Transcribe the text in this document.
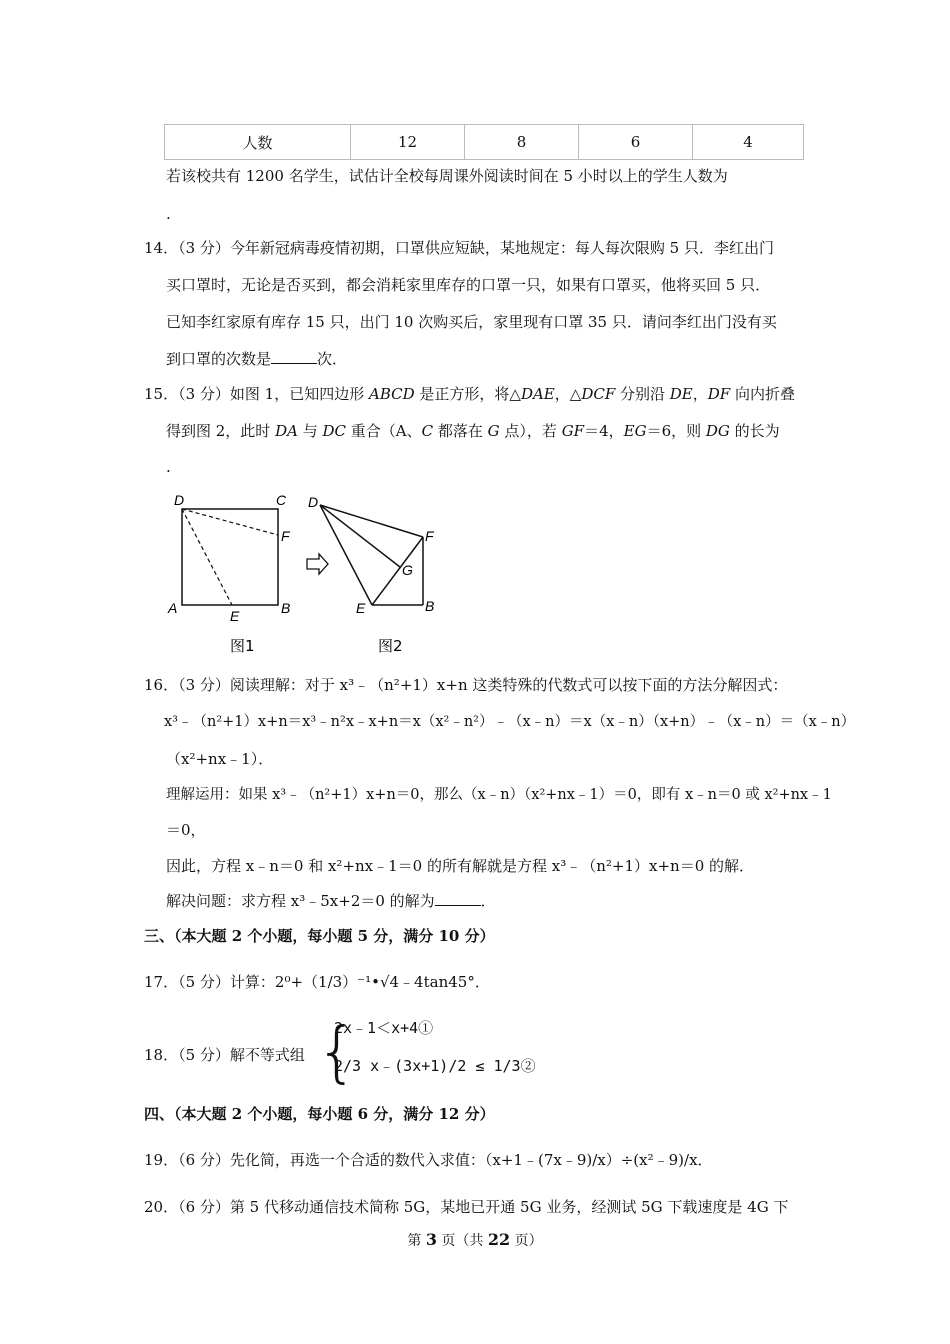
人数	12	8	6	4
若该校共有 1200 名学生，试估计全校每周课外阅读时间在 5 小时以上的学生人数为
.
14．（3 分）今年新冠病毒疫情初期，口罩供应短缺，某地规定：每人每次限购 5 只．李红出门
买口罩时，无论是否买到，都会消耗家里库存的口罩一只，如果有口罩买，他将买回 5 只．
已知李红家原有库存 15 只，出门 10 次购买后，家里现有口罩 35 只．请问李红出门没有买
到口罩的次数是	次．
15．（3 分）如图 1，已知四边形 ABCD 是正方形，将△DAE，△DCF 分别沿 DE，DF 向内折叠
得到图 2，此时 DA 与 DC 重合（A、C 都落在 G 点），若 GF＝4，EG＝6，则 DG 的长为
.
D	C
F
A	E	B
图1
D
F
G
E	B
图2
16．（3 分）阅读理解：对于 x³﹣（n²+1）x+n 这类特殊的代数式可以按下面的方法分解因式：
x³﹣（n²+1）x+n＝x³﹣n²x﹣x+n＝x（x²﹣n²）﹣（x﹣n）＝x（x﹣n）（x+n）﹣（x﹣n）＝（x﹣n）
（x²+nx﹣1）．
理解运用：如果 x³﹣（n²+1）x+n＝0，那么（x﹣n）（x²+nx﹣1）＝0，即有 x﹣n＝0 或 x²+nx﹣1
＝0，
因此，方程 x﹣n＝0 和 x²+nx﹣1＝0 的所有解就是方程 x³﹣（n²+1）x+n＝0 的解．
解决问题：求方程 x³﹣5x+2＝0 的解为	．
三、（本大题 2 个小题，每小题 5 分，满分 10 分）
17．（5 分）计算：2⁰+（1/3）⁻¹•√4﹣4tan45°．
18．（5 分）解不等式组 {
2x﹣1＜x+4①
2/3 x﹣(3x+1)/2 ≤ 1/3②
四、（本大题 2 个小题，每小题 6 分，满分 12 分）
19．（6 分）先化简，再选一个合适的数代入求值：（x+1﹣(7x﹣9)/x）÷(x²﹣9)/x．
20．（6 分）第 5 代移动通信技术简称 5G，某地已开通 5G 业务，经测试 5G 下载速度是 4G 下
第 3 页（共 22 页）
